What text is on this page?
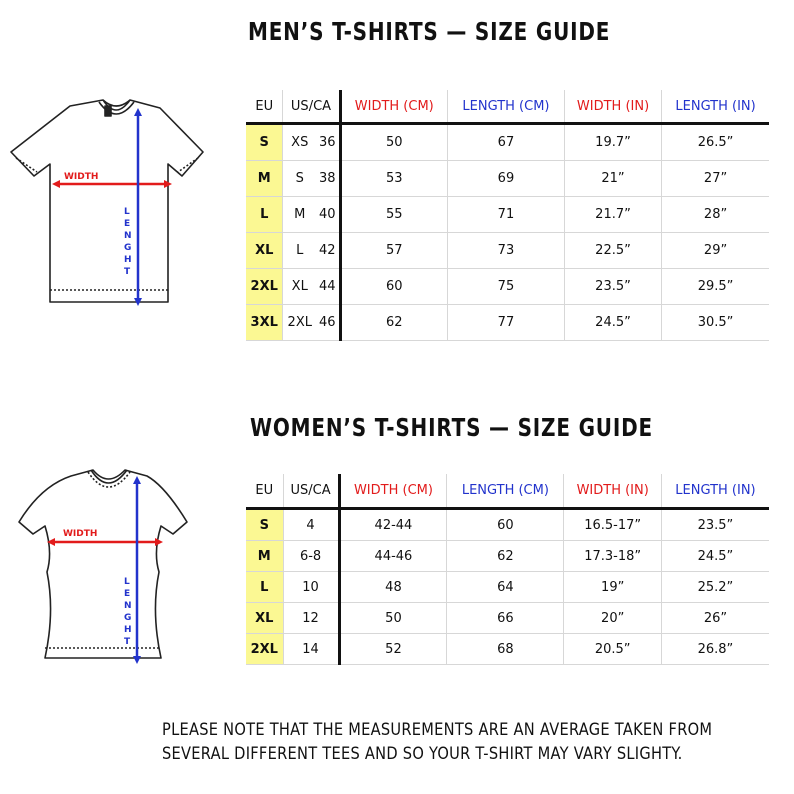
MEN’S T-SHIRTS — SIZE GUIDE
WIDTH
L
E
N
G
H
T
EU	US/CA		WIDTH (CM)	LENGTH (CM)	WIDTH (IN)	LENGTH (IN)
S	XS	36	50	67	19.7”	26.5”
M	S	38	53	69	21”	27”
L	M	40	55	71	21.7”	28”
XL	L	42	57	73	22.5”	29”
2XL	XL	44	60	75	23.5”	29.5”
3XL	2XL	46	62	77	24.5”	30.5”
WOMEN’S T-SHIRTS — SIZE GUIDE
WIDTH
L
E
N
G
H
T
EU	US/CA	WIDTH (CM)	LENGTH (CM)	WIDTH (IN)	LENGTH (IN)
S	4	42-44	60	16.5-17”	23.5”
M	6-8	44-46	62	17.3-18”	24.5”
L	10	48	64	19”	25.2”
XL	12	50	66	20”	26”
2XL	14	52	68	20.5”	26.8”
PLEASE NOTE THAT THE MEASUREMENTS ARE AN AVERAGE TAKEN FROM
SEVERAL DIFFERENT TEES AND SO YOUR T-SHIRT MAY VARY SLIGHTY.
